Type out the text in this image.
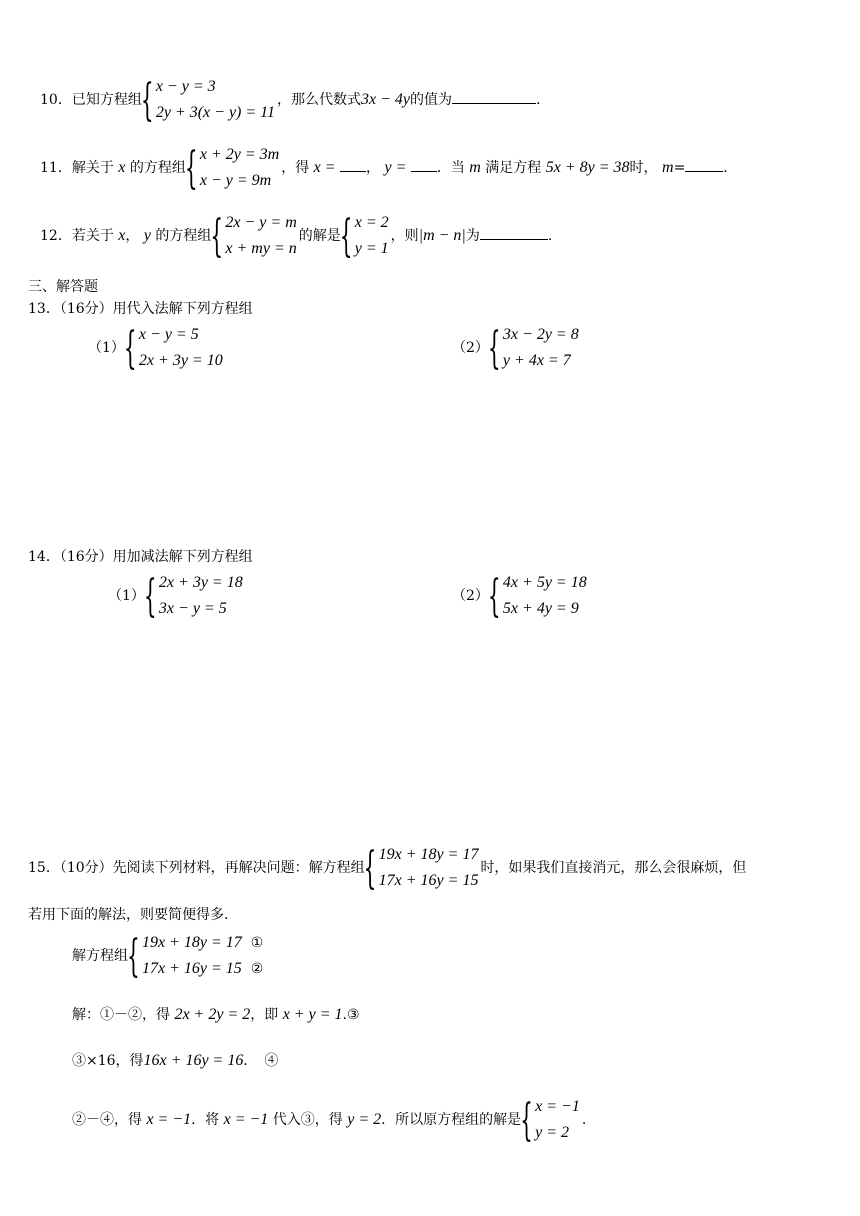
10．已知方程组
{ x − y = 3
2y + 3(x − y) = 11
，那么代数式3x − 4y的值为	.
11．解关于 x 的方程组
{ x + 2y = 3m
x − y = 9m
，得 x = ， y = ．当 m 满足方程 5x + 8y = 38时， m=	.
12．若关于 x， y 的方程组
{ 2x − y = m
x + my = n
的解是
{ x = 2
y = 1
，则|m − n|为	.
三、解答题
13．（16分）用代入法解下列方程组
（1）
{ x − y = 5
2x + 3y = 10
（2）
{ 3x − 2y = 8
y + 4x = 7
14．（16分）用加减法解下列方程组
（1）
{ 2x + 3y = 18
3x − y = 5
（2）
{ 4x + 5y = 18
5x + 4y = 9
15．（10分）先阅读下列材料，再解决问题：解方程组
{ 19x + 18y = 17
17x + 16y = 15
时，如果我们直接消元，那么会很麻烦，但
若用下面的解法，则要简便得多.
解方程组
{ 19x + 18y = 17 ①
17x + 16y = 15 ②
解：①－②，得 2x + 2y = 2，即 x + y = 1.③
③×16，得16x + 16y = 16．　④
②－④，得 x = −1．将 x = −1 代入③，得 y = 2．所以原方程组的解是
{ x = −1
y = 2
.
